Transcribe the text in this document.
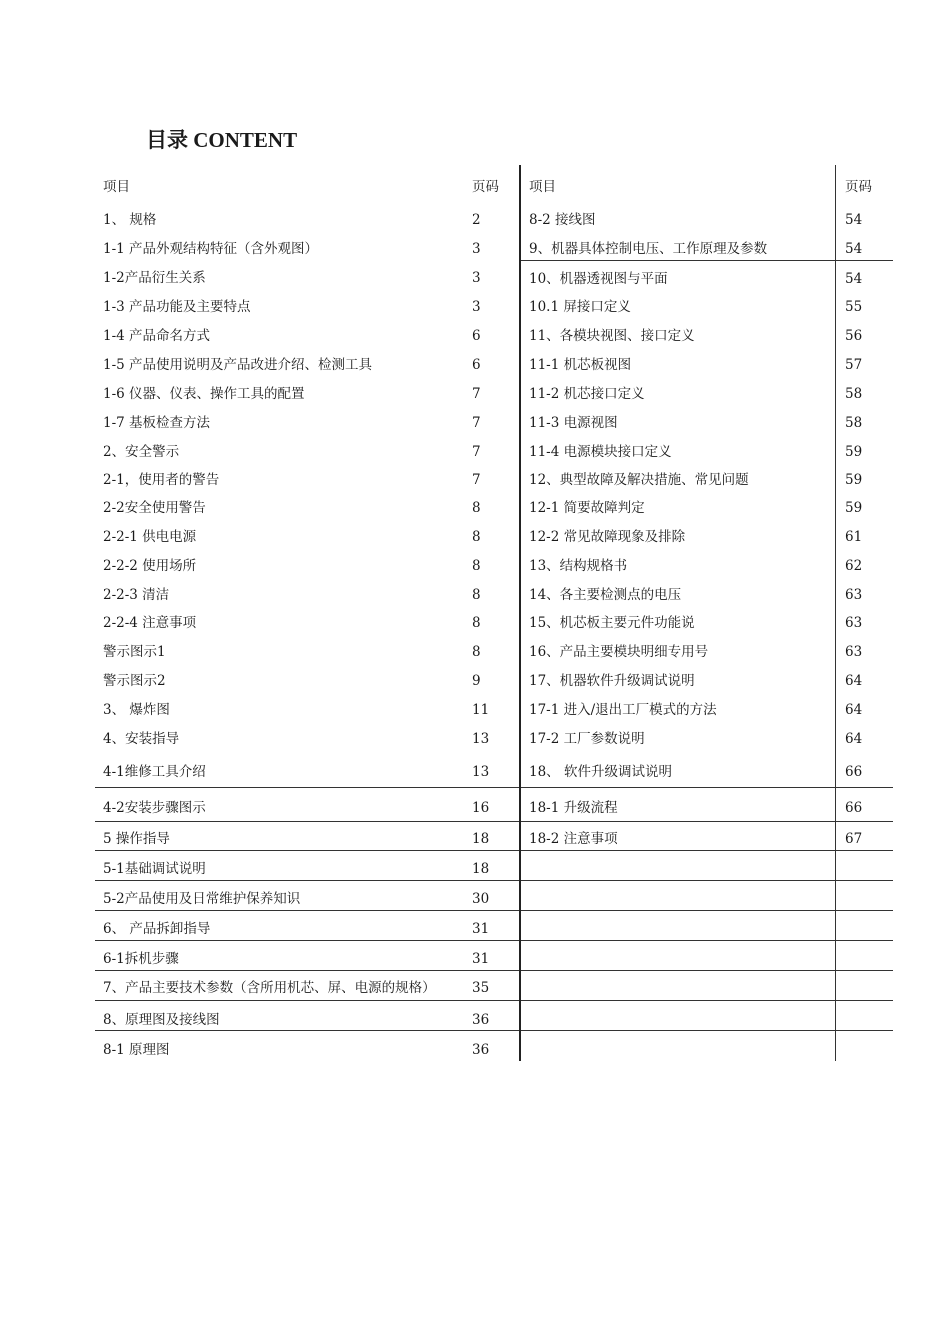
目录 CONTENT
项目	页码 项目	页码
1、 规格	2
1-1 产品外观结构特征（含外观图）	3
1-2产品衍生关系	3
1-3 产品功能及主要特点	3
1-4 产品命名方式	6
1-5 产品使用说明及产品改进介绍、检测工具	6
1-6 仪器、仪表、操作工具的配置	7
1-7 基板检查方法	7
2、安全警示	7
2-1，使用者的警告	7
2-2安全使用警告	8
2-2-1 供电电源	8
2-2-2 使用场所	8
2-2-3 清洁	8
2-2-4 注意事项	8
警示图示1	8
警示图示2	9
3、 爆炸图	11
4、安装指导	13
4-1维修工具介绍	13
4-2安装步骤图示	16
5 操作指导	18
5-1基础调试说明	18
5-2产品使用及日常维护保养知识	30
6、 产品拆卸指导	31
6-1拆机步骤	31
7、产品主要技术参数（含所用机芯、屏、电源的规格）	35
8、原理图及接线图	36
8-1 原理图	36
8-2 接线图	54
9、机器具体控制电压、工作原理及参数	54
10、机器透视图与平面	54
10.1 屏接口定义	55
11、各模块视图、接口定义	56
11-1 机芯板视图	57
11-2 机芯接口定义	58
11-3 电源视图	58
11-4 电源模块接口定义	59
12、典型故障及解决措施、常见问题	59
12-1 简要故障判定	59
12-2 常见故障现象及排除	61
13、结构规格书	62
14、各主要检测点的电压	63
15、机芯板主要元件功能说	63
16、产品主要模块明细专用号	63
17、机器软件升级调试说明	64
17-1 进入/退出工厂模式的方法	64
17-2 工厂参数说明	64
18、 软件升级调试说明	66
18-1 升级流程	66
18-2 注意事项	67
